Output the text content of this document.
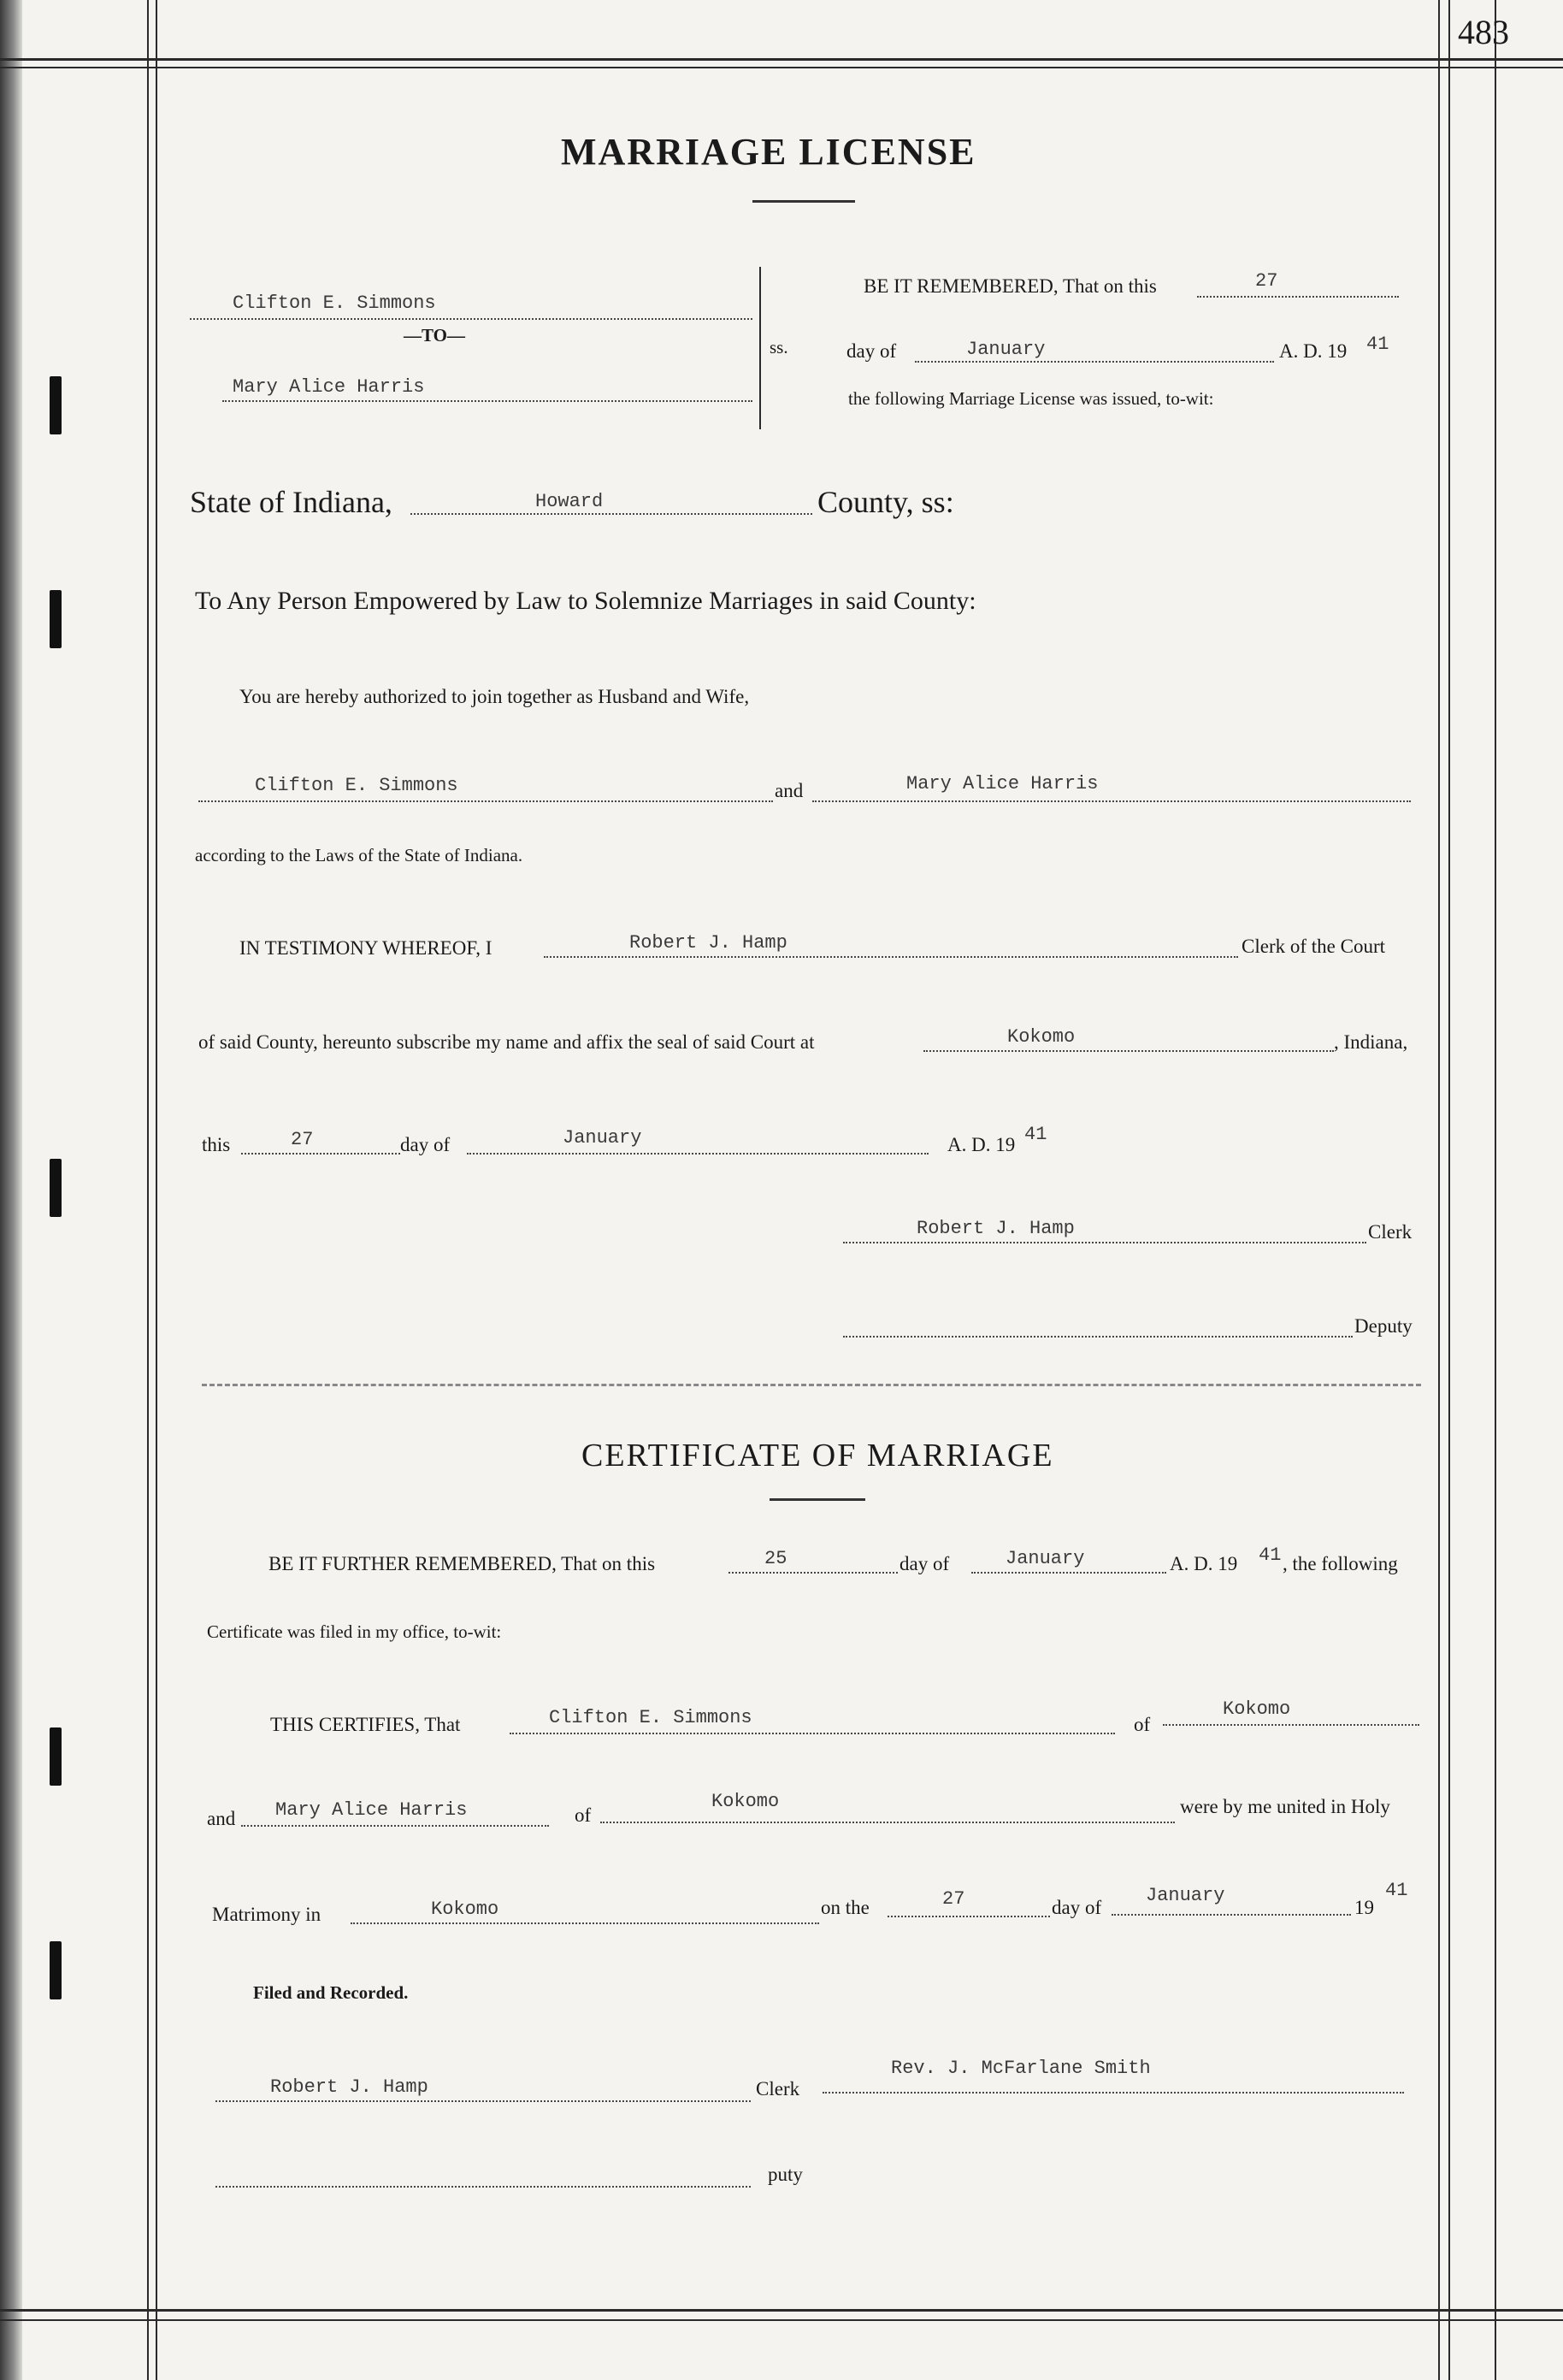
483
MARRIAGE LICENSE
Clifton E. Simmons
—TO—
Mary Alice Harris
ss.
BE IT REMEMBERED, That on this	27
day of	January	A. D. 19 41
the following Marriage License was issued, to-wit:
State of Indiana,	Howard	County, ss:
To Any Person Empowered by Law to Solemnize Marriages in said County:
You are hereby authorized to join together as Husband and Wife,
Clifton E. Simmons	and	Mary Alice Harris
according to the Laws of the State of Indiana.
IN TESTIMONY WHEREOF, I	Robert J. Hamp	Clerk of the Court
of said County, hereunto subscribe my name and affix the seal of said Court at	Kokomo	, Indiana,
this	27	day of	January	A. D. 19 41
Robert J. Hamp	Clerk
Deputy
CERTIFICATE OF MARRIAGE
BE IT FURTHER REMEMBERED, That on this	25	day of	January	A. D. 19 41 , the following
Certificate was filed in my office, to-wit:
THIS CERTIFIES, That	Clifton E. Simmons	of
Kokomo
and Mary Alice Harris	of
Kokomo	were by me united in Holy
Matrimony in	Kokomo	on the	27	day of
January
19
41
Filed and Recorded.
Robert J. Hamp	Clerk
Rev. J. McFarlane Smith
puty
